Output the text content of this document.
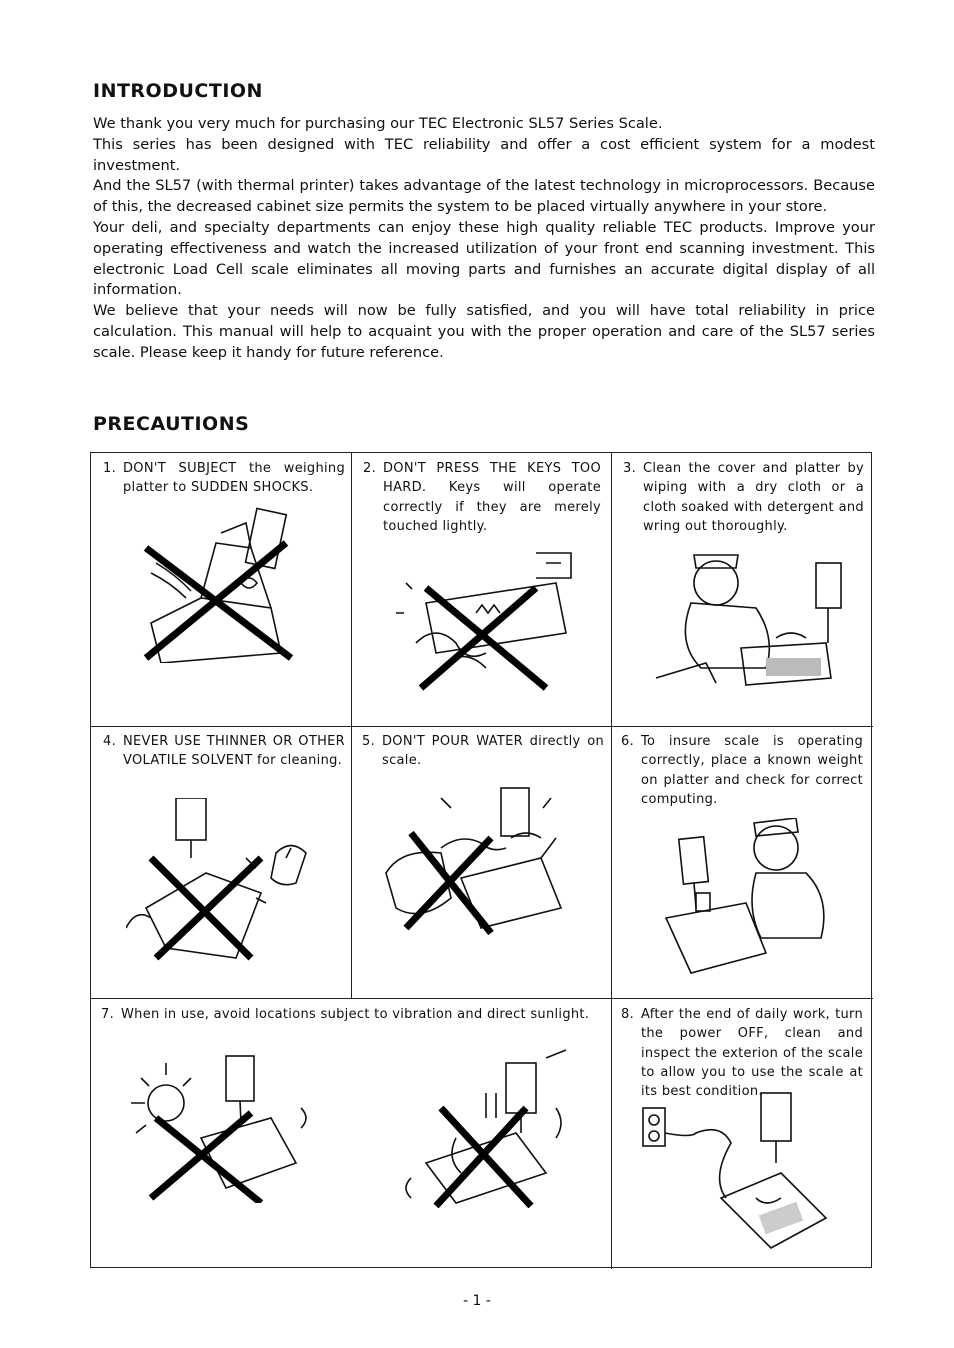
INTRODUCTION

We thank you very much for purchasing our TEC Electronic SL57 Series Scale.

This series has been designed with TEC reliability and offer a cost efficient system for a modest investment.

And the SL57 (with thermal printer) takes advantage of the latest technology in microprocessors. Because of this, the decreased cabinet size permits the system to be placed virtually anywhere in your store.

Your deli, and specialty departments can enjoy these high quality reliable TEC products. Improve your operating effectiveness and watch the increased utilization of your front end scanning investment. This electronic Load Cell scale eliminates all moving parts and furnishes an accurate digital display of all information.

We believe that your needs will now be fully satisfied, and you will have total reliability in price calculation. This manual will help to acquaint you with the proper operation and care of the SL57 series scale. Please keep it handy for future reference.

PRECAUTIONS
1. DON'T SUBJECT the weighing platter to SUDDEN SHOCKS.
2. DON'T PRESS THE KEYS TOO HARD. Keys will operate correctly if they are merely touched lightly.
3. Clean the cover and platter by wiping with a dry cloth or a cloth soaked with detergent and wring out thoroughly.
4. NEVER USE THINNER OR OTHER VOLATILE SOLVENT for cleaning.
5. DON'T POUR WATER directly on scale.
6. To insure scale is operating correctly, place a known weight on platter and check for correct computing.
7. When in use, avoid locations subject to vibration and direct sunlight.	8. After the end of daily work, turn the power OFF, clean and inspect the exterion of the scale to allow you to use the scale at its best condition.
- 1 -
